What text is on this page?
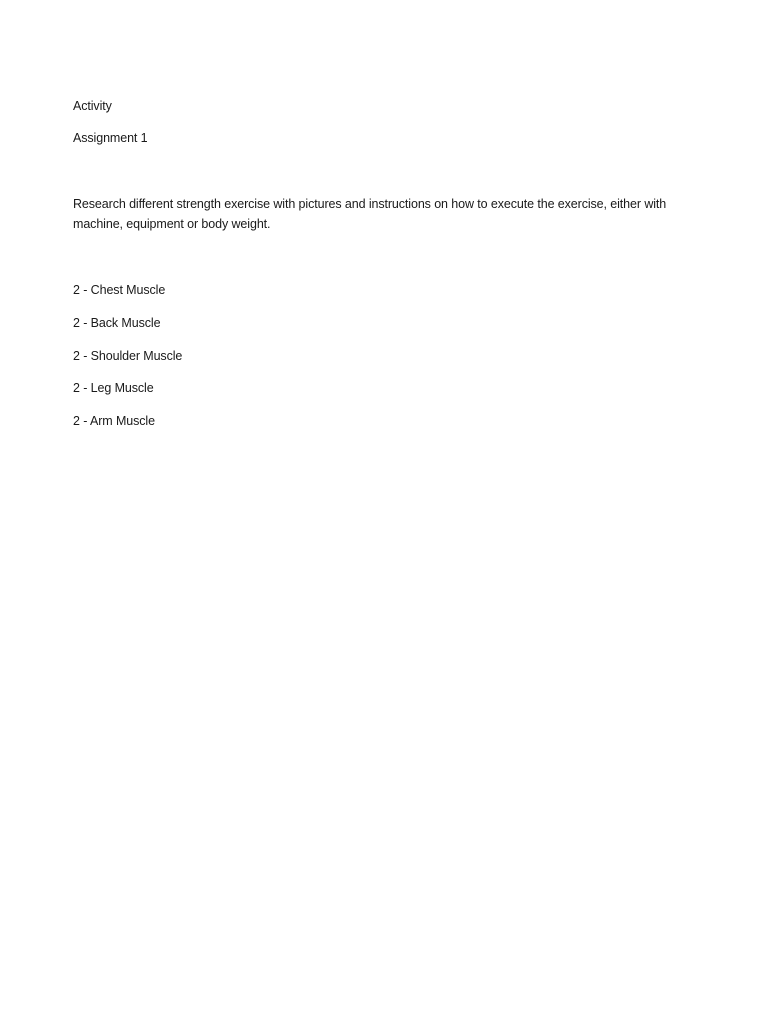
Activity
Assignment 1
Research different strength exercise with pictures and instructions on how to execute the exercise, either with machine, equipment or body weight.
2 - Chest Muscle
2 - Back Muscle
2 - Shoulder Muscle
2 - Leg Muscle
2 - Arm Muscle
